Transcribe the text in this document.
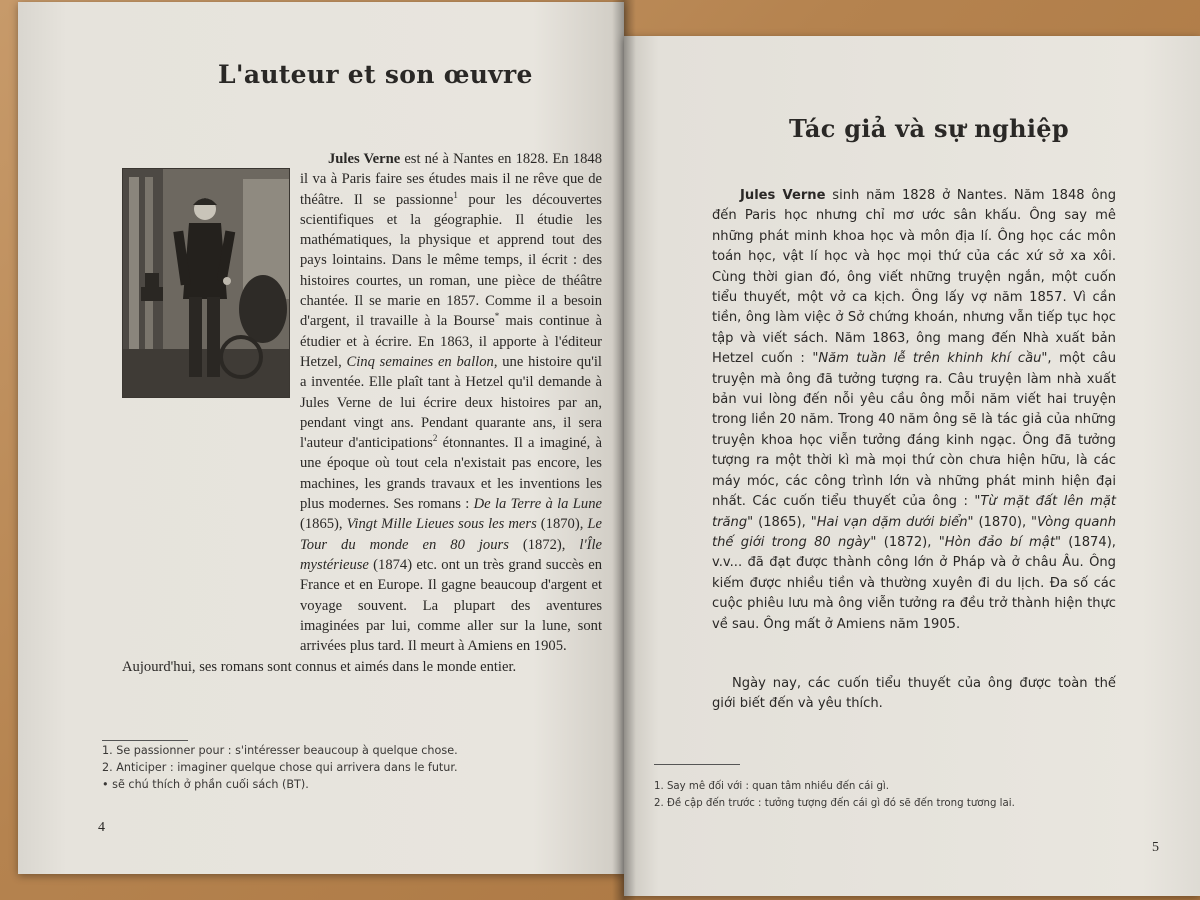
L'auteur et son œuvre
Jules Verne est né à Nantes en 1828. En 1848 il va à Paris faire ses études mais il ne rêve que de théâtre. Il se passionne$^1$ pour les découvertes scientifiques et la géographie. Il étudie les mathématiques, la physique et apprend tout des pays lointains. Dans le même temps, il écrit : des histoires courtes, un roman, une pièce de théâtre chantée. Il se marie en 1857. Comme il a besoin d'argent, il travaille à la Bourse* mais continue à étudier et à écrire. En 1863, il apporte à l'éditeur Hetzel, Cinq semaines en ballon, une histoire qu'il a inventée. Elle plaît tant à Hetzel qu'il demande à Jules Verne de lui écrire deux histoires par an, pendant vingt ans. Pendant quarante ans, il sera l'auteur d'anticipations$^2$ étonnantes. Il a imaginé, à une époque où tout cela n'existait pas encore, les machines, les grands travaux et les inventions les plus modernes. Ses romans : De la Terre à la Lune (1865), Vingt Mille Lieues sous les mers (1870), Le Tour du monde en 80 jours (1872), l'Île mystérieuse (1874) etc. ont un très grand succès en France et en Europe. Il gagne beaucoup d'argent et voyage souvent. La plupart des aventures imaginées par lui, comme aller sur la lune, sont arrivées plus tard. Il meurt à Amiens en 1905.
Aujourd'hui, ses romans sont connus et aimés dans le monde entier.
1. Se passionner pour : s'intéresser beaucoup à quelque chose.
2. Anticiper : imaginer quelque chose qui arrivera dans le futur.
• sẽ chú thích ở phần cuối sách (BT).
4
Tác giả và sự nghiệp
Jules Verne sinh năm 1828 ở Nantes. Năm 1848 ông đến Paris học nhưng chỉ mơ ước sân khấu. Ông say mê những phát minh khoa học và môn địa lí. Ông học các môn toán học, vật lí học và học mọi thứ của các xứ sở xa xôi. Cùng thời gian đó, ông viết những truyện ngắn, một cuốn tiểu thuyết, một vở ca kịch. Ông lấy vợ năm 1857. Vì cần tiền, ông làm việc ở Sở chứng khoán, nhưng vẫn tiếp tục học tập và viết sách. Năm 1863, ông mang đến Nhà xuất bản Hetzel cuốn : "Năm tuần lễ trên khinh khí cầu", một câu truyện mà ông đã tưởng tượng ra. Câu truyện làm nhà xuất bản vui lòng đến nỗi yêu cầu ông mỗi năm viết hai truyện trong liền 20 năm. Trong 40 năm ông sẽ là tác giả của những truyện khoa học viễn tưởng đáng kinh ngạc. Ông đã tưởng tượng ra một thời kì mà mọi thứ còn chưa hiện hữu, là các máy móc, các công trình lớn và những phát minh hiện đại nhất. Các cuốn tiểu thuyết của ông : "Từ mặt đất lên mặt trăng" (1865), "Hai vạn dặm dưới biển" (1870), "Vòng quanh thế giới trong 80 ngày" (1872), "Hòn đảo bí mật" (1874), v.v... đã đạt được thành công lớn ở Pháp và ở châu Âu. Ông kiếm được nhiều tiền và thường xuyên đi du lịch. Đa số các cuộc phiêu lưu mà ông viễn tưởng ra đều trở thành hiện thực về sau. Ông mất ở Amiens năm 1905.
Ngày nay, các cuốn tiểu thuyết của ông được toàn thế giới biết đến và yêu thích.
1. Say mê đối với : quan tâm nhiều đến cái gì.
2. Đề cập đến trước : tưởng tượng đến cái gì đó sẽ đến trong tương lai.
5
